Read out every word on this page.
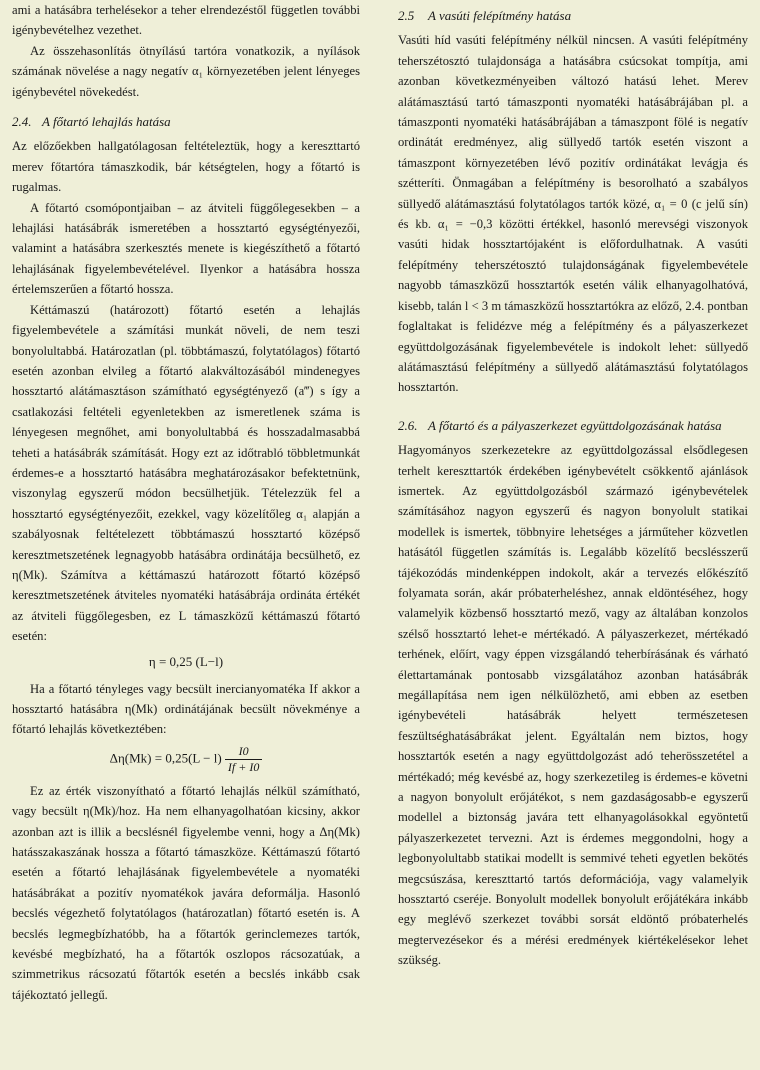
ami a hatásábra terhelésekor a teher elrendezéstől független további igénybevételhez vezethet.

Az összehasonlítás ötnyílású tartóra vonatkozik, a nyílások számának növelése a nagy negatív α₁ környezetében jelent lényeges igénybevétel növekedést.

2.4. A főtartó lehajlás hatása

Az előzőekben hallgatólagosan feltételeztük, hogy a kereszttartó merev főtartóra támaszkodik, bár kétségtelen, hogy a főtartó is rugalmas.

A főtartó csomópontjaiban – az átviteli függőlegesekben – a lehajlási hatásábrák ismeretében a hossztartó egységtényezői, valamint a hatásábra szerkesztés menete is kiegészíthető a főtartó lehajlásának figyelembevételével. Ilyenkor a hatásábra hossza értelemszerűen a főtartó hossza.

Kéttámaszú (határozott) főtartó esetén a lehajlás figyelembevétele a számítási munkát növeli, de nem teszi bonyolultabbá. Határozatlan (pl. többtámaszú, folytatólagos) főtartó esetén azonban elvileg a főtartó alakváltozásából mindenegyes hossztartó alátámasztáson számítható egységtényező (a‴) s így a csatlakozási feltételi egyenletekben az ismeretlenek száma is lényegesen megnőhet, ami bonyolultabbá és hosszadalmasabbá teheti a hatásábrák számítását. Hogy ezt az időtrabló többletmunkát érdemes-e a hossztartó hatásábra meghatározásakor befektetnünk, viszonylag egyszerű módon becsülhetjük. Tételezzük fel a hossztartó egységtényezőit, ezekkel, vagy közelítőleg α₁ alapján a szabályosnak feltételezett többtámaszú hossztartó középső keresztmetszetének legnagyobb hatásábra ordinátája becsülhető, ez η(Mk). Számítva a kéttámaszú határozott főtartó középső keresztmetszetének átviteles nyomatéki hatásábrája ordináta értékét az átviteli függőlegesben, ez L támaszközű kéttámaszú főtartó esetén:

η = 0,25 (L−l)

Ha a főtartó tényleges vagy becsült inercianyomatéka If akkor a hossztartó hatásábra η(Mk) ordinátájának becsült növekménye a főtartó lehajlás következtében:

$\Delta\eta(Mk) = 0,25(L - l) \frac{I0}{If + I0}$

Ez az érték viszonyítható a főtartó lehajlás nélkül számítható, vagy becsült η(Mk)/hoz. Ha nem elhanyagolhatóan kicsiny, akkor azonban azt is illik a becslésnél figyelembe venni, hogy a Δη(Mk) hatásszakaszának hossza a főtartó támaszköze. Kéttámaszú főtartó esetén a főtartó lehajlásának figyelembevétele a nyomatéki hatásábrákat a pozitív nyomatékok javára deformálja. Hasonló becslés végezhető folytatólagos (határozatlan) főtartó esetén is. A becslés legmegbízhatóbb, ha a főtartók gerinclemezes tartók, kevésbé megbízható, ha a főtartók oszlopos rácsozatúak, a szimmetrikus rácsozatú főtartók esetén a becslés inkább csak tájékoztató jellegű.

2.5 A vasúti felépítmény hatása

Vasúti híd vasúti felépítmény nélkül nincsen. A vasúti felépítmény teherszétosztó tulajdonsága a hatásábra csúcsokat tompítja, ami azonban következményeiben változó hatású lehet. Merev alátámasztású tartó támaszponti nyomatéki hatásábrájában pl. a támaszponti nyomatéki hatásábrájában a támaszpont fölé is negatív ordinátát eredményez, alig süllyedő tartók esetén viszont a támaszpont környezetében lévő pozitív ordinátákat levágja és szétteríti. Önmagában a felépítmény is besorolható a szabályos süllyedő alátámasztású folytatólagos tartók közé, α₁ = 0 (c jelű sín) és kb. α₁ = −0,3 közötti értékkel, hasonló merevségi viszonyok vasúti hidak hossztartójaként is előfordulhatnak. A vasúti felépítmény teherszétosztó tulajdonságának figyelembevétele nagyobb támaszközű hossztartók esetén válik elhanyagolhatóvá, kisebb, talán l < 3 m támaszközű hossztartókra az előző, 2.4. pontban foglaltakat is felidézve még a felépítmény és a pályaszerkezet együttdolgozásának figyelembevétele is indokolt lehet: süllyedő alátámasztású felépítmény a süllyedő alátámasztású folytatólagos hossztartón.

2.6. A főtartó és a pályaszerkezet együttdolgozásának hatása

Hagyományos szerkezetekre az együttdolgozással elsődlegesen terhelt kereszttartók érdekében igénybevételt csökkentő ajánlások ismertek. Az együttdolgozásból származó igénybevételek számításához nagyon egyszerű és nagyon bonyolult statikai modellek is ismertek, többnyire lehetséges a járműteher közvetlen hatásától független számítás is. Legalább közelítő becslésszerű tájékozódás mindenképpen indokolt, akár a tervezés előkészítő folyamata során, akár próbaterheléshez, annak eldöntéséhez, hogy valamelyik közbenső hossztartó mező, vagy az általában konzolos szélső hossztartó lehet-e mértékadó. A pályaszerkezet, mértékadó terhének, előírt, vagy éppen vizsgálandó teherbírásának és várható élettartamának pontosabb vizsgálatához azonban hatásábrák megállapítása nem igen nélkülözhető, ami ebben az esetben igénybevételi hatásábrák helyett természetesen feszültséghatásábrákat jelent. Egyáltalán nem biztos, hogy hossztartók esetén a nagy együttdolgozást adó teherösszetétel a mértékadó; még kevésbé az, hogy szerkezetileg is érdemes-e követni a nagyon bonyolult erőjátékot, s nem gazdaságosabb-e egyszerű modellel a biztonság javára tett elhanyagolásokkal egyöntetű pályaszerkezetet tervezni. Azt is érdemes meggondolni, hogy a legbonyolultabb statikai modellt is semmivé teheti egyetlen bekötés megcsúszása, kereszttartó tartós deformációja, vagy valamelyik hossztartó cseréje. Bonyolult modellek bonyolult erőjátékára inkább egy meglévő szerkezet további sorsát eldöntő próbaterhelés megtervezésekor és a mérési eredmények kiértékelésekor lehet szükség.
